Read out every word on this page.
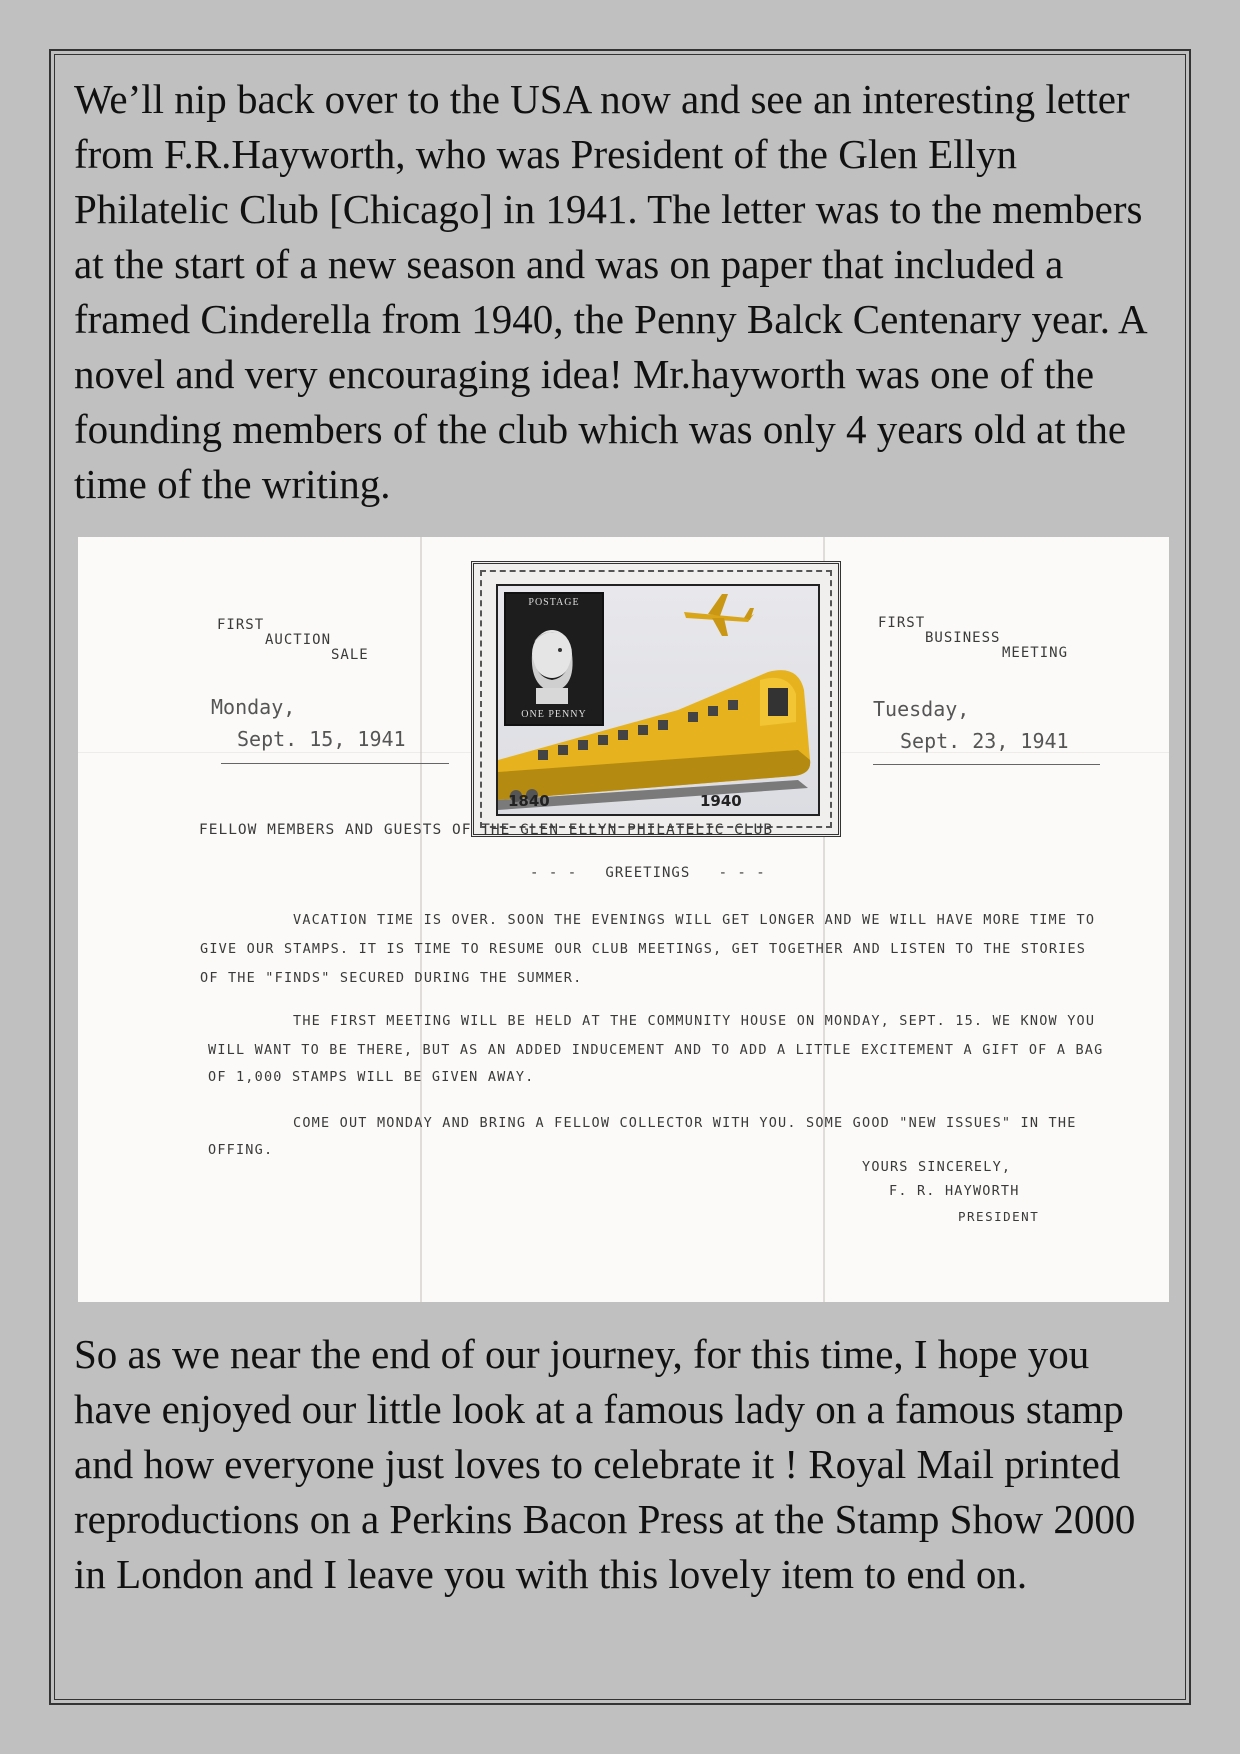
We’ll nip back over to the USA now and see an interesting letter from F.R.Hayworth, who was President of the Glen Ellyn Philatelic Club [Chicago] in 1941. The letter was to the members at the start of a new season and was on paper that included a framed Cinderella from 1940, the Penny Balck Centenary year. A novel and very encouraging idea! Mr.hayworth was one of the founding members of the club which was only 4 years old at the time of the writing.

FIRST
AUCTION
SALE
Monday,
Sept. 15, 1941
FIRST
BUSINESS
MEETING
Tuesday,
Sept. 23, 1941
POSTAGE
ONE PENNY
1840	1940
FELLOW MEMBERS AND GUESTS OF THE GLEN ELLYN PHILATELIC CLUB
- - -   GREETINGS   - - -
VACATION TIME IS OVER. SOON THE EVENINGS WILL GET LONGER AND WE WILL HAVE MORE TIME TO
GIVE OUR STAMPS. IT IS TIME TO RESUME OUR CLUB MEETINGS, GET TOGETHER AND LISTEN TO THE STORIES
OF THE "FINDS" SECURED DURING THE SUMMER.
THE FIRST MEETING WILL BE HELD AT THE COMMUNITY HOUSE ON MONDAY, SEPT. 15. WE KNOW YOU
WILL WANT TO BE THERE, BUT AS AN ADDED INDUCEMENT AND TO ADD A LITTLE EXCITEMENT A GIFT OF A BAG
OF 1,000 STAMPS WILL BE GIVEN AWAY.
COME OUT MONDAY AND BRING A FELLOW COLLECTOR WITH YOU. SOME GOOD "NEW ISSUES" IN THE
OFFING.
YOURS SINCERELY,
F. R. HAYWORTH
PRESIDENT

So as we near the end of our journey, for this time, I hope you have enjoyed our little look at a famous lady on a famous stamp and how everyone just loves to celebrate it ! Royal Mail printed reproductions on a Perkins Bacon Press at the Stamp Show 2000 in London and I leave you with this lovely item to end on.
